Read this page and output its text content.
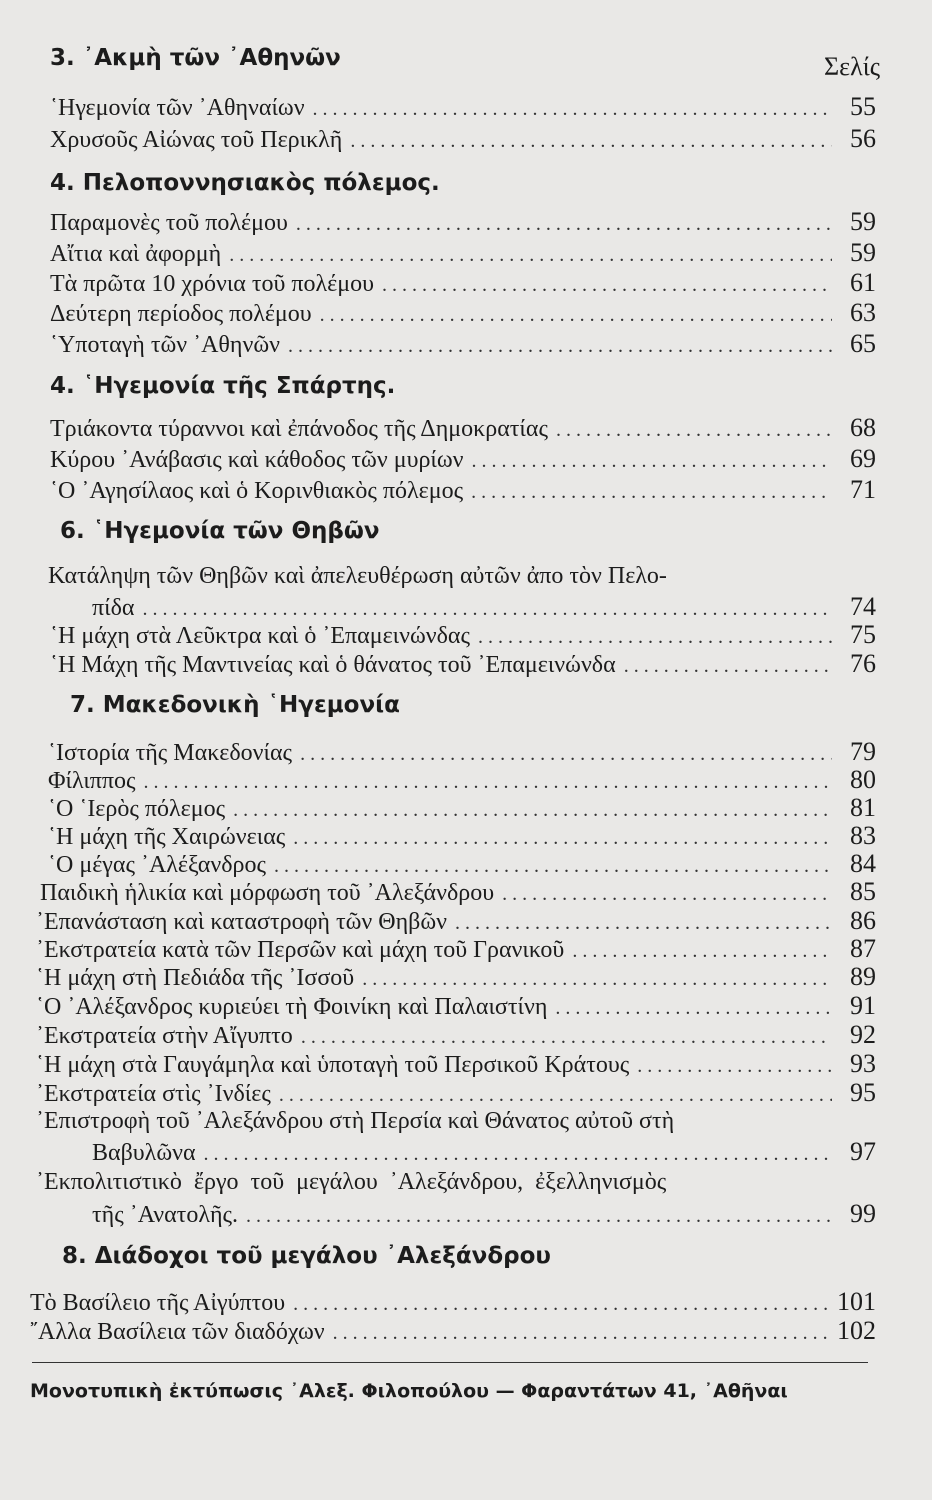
3. ᾿Ακμὴ τῶν ᾿Αθηνῶν	Σελίς
῾Ηγεμονία τῶν ᾿Αθηναίων . . .	55
Χρυσοῦς Αἰώνας τοῦ Περικλῆ . . .	56
4. Πελοποννησιακὸς πόλεμος.
Παραμονὲς τοῦ πολέμου . . .	59
Αἴτια καὶ ἀφορμὴ . . .	59
Τὰ πρῶτα 10 χρόνια τοῦ πολέμου . . .	61
Δεύτερη περίοδος πολέμου . . .	63
῾Υποταγὴ τῶν ᾿Αθηνῶν . . .	65
4. ῾Ηγεμονία τῆς Σπάρτης.
Τριάκοντα τύραννοι καὶ ἐπάνοδος τῆς Δημοκρατίας . . .	68
Κύρου ᾿Ανάβασις καὶ κάθοδος τῶν μυρίων . . .	69
῾Ο ᾿Αγησίλαος καὶ ὁ Κορινθιακὸς πόλεμος . . .	71
6. ῾Ηγεμονία τῶν Θηβῶν
Κατάληψη τῶν Θηβῶν καὶ ἀπελευθέρωση αὐτῶν ἀπο τὸν Πελο-
πίδα . . .	74
῾Η μάχη στὰ Λεῦκτρα καὶ ὁ ᾿Επαμεινώνδας . . .	75
῾Η Μάχη τῆς Μαντινείας καὶ ὁ θάνατος τοῦ ᾿Επαμεινώνδα . . .	76
7. Μακεδονικὴ ῾Ηγεμονία
῾Ιστορία τῆς Μακεδονίας . . .	79
Φίλιππος . . .	80
῾Ο ῾Ιερὸς πόλεμος . . .	81
῾Η μάχη τῆς Χαιρώνειας . . .	83
῾Ο μέγας ᾿Αλέξανδρος . . .	84
Παιδικὴ ἡλικία καὶ μόρφωση τοῦ ᾿Αλεξάνδρου . . .	85
᾿Επανάσταση καὶ καταστροφὴ τῶν Θηβῶν . . .	86
᾿Εκστρατεία κατὰ τῶν Περσῶν καὶ μάχη τοῦ Γρανικοῦ . . .	87
῾Η μάχη στὴ Πεδιάδα τῆς ᾿Ισσοῦ . . .	89
῾Ο ᾿Αλέξανδρος κυριεύει τὴ Φοινίκη καὶ Παλαιστίνη . . .	91
᾿Εκστρατεία στὴν Αἴγυπτο . . .	92
῾Η μάχη στὰ Γαυγάμηλα καὶ ὑποταγὴ τοῦ Περσικοῦ Κράτους . . .	93
᾿Εκστρατεία στὶς ᾿Ινδίες . . .	95
᾿Επιστροφὴ τοῦ ᾿Αλεξάνδρου στὴ Περσία καὶ Θάνατος αὐτοῦ στὴ
Βαβυλῶνα . . .	97
᾿Εκπολιτιστικὸ ἔργο τοῦ μεγάλου ᾿Αλεξάνδρου, ἐξελληνισμὸς
τῆς ᾿Ανατολῆς. . . .	99
8. Διάδοχοι τοῦ μεγάλου ᾿Αλεξάνδρου
Τὸ Βασίλειο τῆς Αἰγύπτου . . .	101
῎Αλλα Βασίλεια τῶν διαδόχων . . .	102
Μονοτυπικὴ ἐκτύπωσις ᾿Αλεξ. Φιλοπούλου — Φαραντάτων 41, ᾿Αθῆναι
